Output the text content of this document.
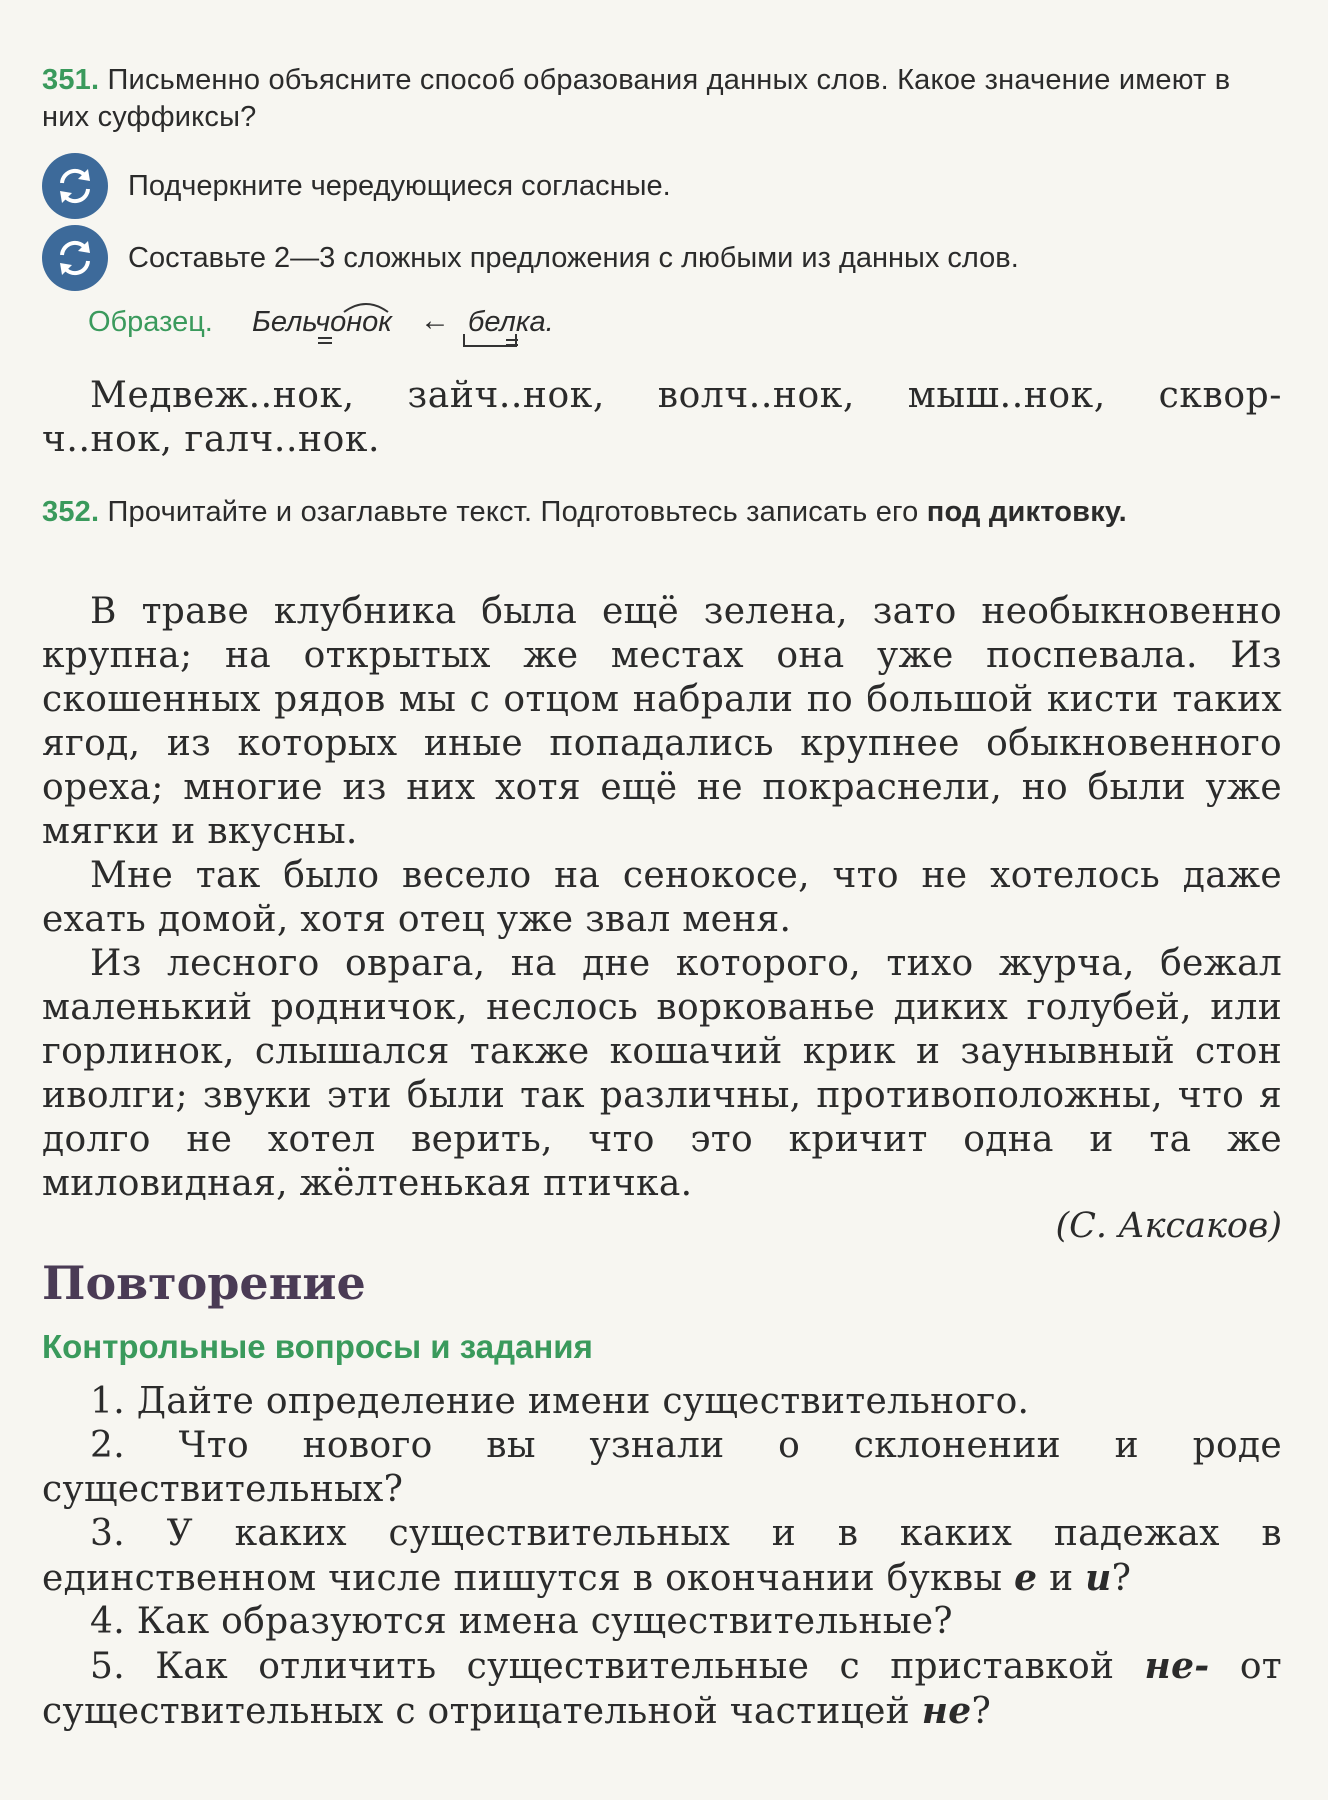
351. Письменно объясните способ образования данных слов. Какое значение имеют в них суффиксы?
Подчеркните чередующиеся согласные.
Составьте 2—3 сложных предложения с любыми из данных слов.
Образец. Бельчонок ← белка.
Медвеж..нок, зайч..нок, волч..нок, мыш..нок, сквор-
ч..нок, галч..нок.
352. Прочитайте и озаглавьте текст. Подготовьтесь записать его под диктовку.
В траве клубника была ещё зелена, зато необыкновенно крупна; на открытых же местах она уже поспевала. Из скошенных рядов мы с отцом набрали по большой кисти таких ягод, из которых иные попадались крупнее обыкновенного ореха; многие из них хотя ещё не покраснели, но были уже мягки и вкусны.
Мне так было весело на сенокосе, что не хотелось даже ехать домой, хотя отец уже звал меня.
Из лесного оврага, на дне которого, тихо журча, бежал маленький родничок, неслось воркованье диких голубей, или горлинок, слышался также кошачий крик и заунывный стон иволги; звуки эти были так различны, противоположны, что я долго не хотел верить, что это кричит одна и та же миловидная, жёлтенькая птичка.
(С. Аксаков)
Повторение
Контрольные вопросы и задания
1. Дайте определение имени существительного.
2. Что нового вы узнали о склонении и роде существительных?
3. У каких существительных и в каких падежах в единственном числе пишутся в окончании буквы е и и?
4. Как образуются имена существительные?
5. Как отличить существительные с приставкой не- от существительных с отрицательной частицей не?
